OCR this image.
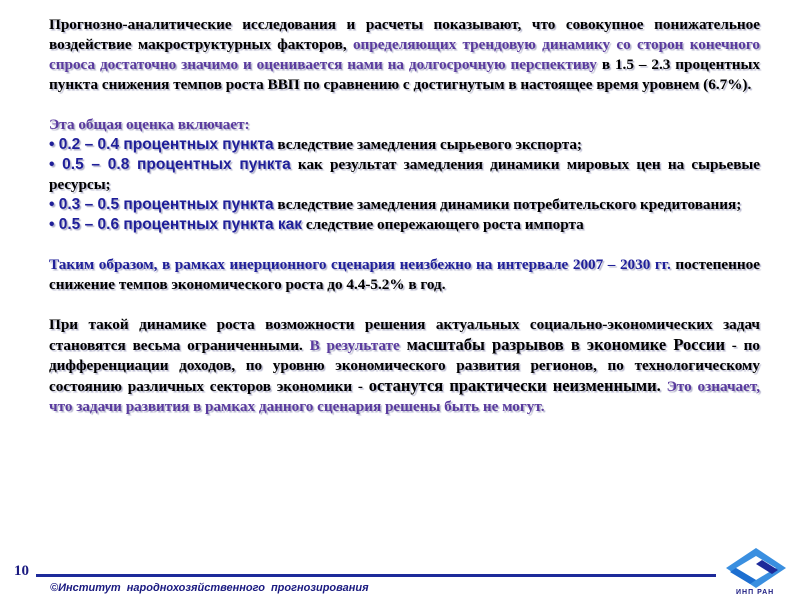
Прогнозно-аналитические исследования и расчеты показывают, что совокупное понижательное воздействие макроструктурных факторов, определяющих трендовую динамику со сторон конечного спроса достаточно значимо и оценивается нами на долгосрочную перспективу в 1.5 – 2.3 процентных пункта снижения темпов роста ВВП по сравнению с достигнутым в настоящее время уровнем (6.7%).

Эта общая оценка включает:

• 0.2 – 0.4 процентных пункта вследствие замедления сырьевого экспорта;

• 0.5 – 0.8 процентных пункта как результат замедления динамики мировых цен на сырьевые ресурсы;

• 0.3 – 0.5 процентных пункта вследствие замедления динамики потребительского кредитования;

• 0.5 – 0.6 процентных пункта как следствие опережающего роста импорта

Таким образом, в рамках инерционного сценария неизбежно на интервале 2007 – 2030 гг. постепенное снижение темпов экономического роста до 4.4-5.2% в год.

При такой динамике роста возможности решения актуальных социально-экономических задач становятся весьма ограниченными. В результате масштабы разрывов в экономике России - по дифференциации доходов, по уровню экономического развития регионов, по технологическому состоянию различных секторов экономики - останутся практически неизменными. Это означает, что задачи развития в рамках данного сценария решены быть не могут.

10
©Институт народнохозяйственного прогнозирования	ИНП РАН
